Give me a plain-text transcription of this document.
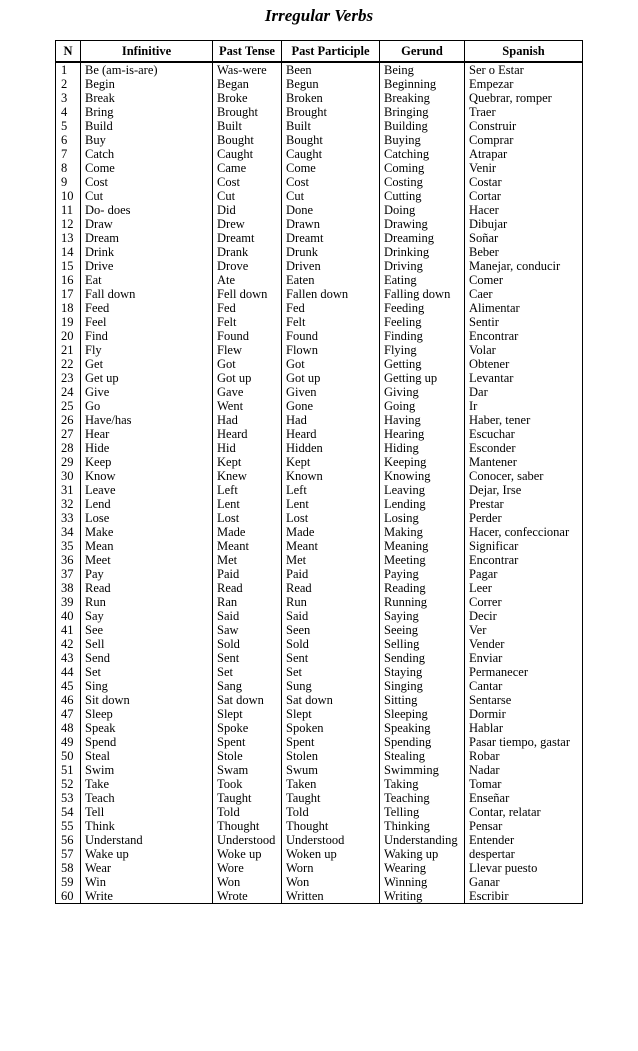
Irregular Verbs
N	Infinitive	Past Tense	Past Participle	Gerund	Spanish
1	Be (am-is-are)	Was-were	Been	Being	Ser o Estar
2	Begin	Began	Begun	Beginning	Empezar
3	Break	Broke	Broken	Breaking	Quebrar, romper
4	Bring	Brought	Brought	Bringing	Traer
5	Build	Built	Built	Building	Construir
6	Buy	Bought	Bought	Buying	Comprar
7	Catch	Caught	Caught	Catching	Atrapar
8	Come	Came	Come	Coming	Venir
9	Cost	Cost	Cost	Costing	Costar
10	Cut	Cut	Cut	Cutting	Cortar
11	Do- does	Did	Done	Doing	Hacer
12	Draw	Drew	Drawn	Drawing	Dibujar
13	Dream	Dreamt	Dreamt	Dreaming	Soñar
14	Drink	Drank	Drunk	Drinking	Beber
15	Drive	Drove	Driven	Driving	Manejar, conducir
16	Eat	Ate	Eaten	Eating	Comer
17	Fall down	Fell down	Fallen down	Falling down	Caer
18	Feed	Fed	Fed	Feeding	Alimentar
19	Feel	Felt	Felt	Feeling	Sentir
20	Find	Found	Found	Finding	Encontrar
21	Fly	Flew	Flown	Flying	Volar
22	Get	Got	Got	Getting	Obtener
23	Get up	Got up	Got up	Getting up	Levantar
24	Give	Gave	Given	Giving	Dar
25	Go	Went	Gone	Going	Ir
26	Have/has	Had	Had	Having	Haber, tener
27	Hear	Heard	Heard	Hearing	Escuchar
28	Hide	Hid	Hidden	Hiding	Esconder
29	Keep	Kept	Kept	Keeping	Mantener
30	Know	Knew	Known	Knowing	Conocer, saber
31	Leave	Left	Left	Leaving	Dejar, Irse
32	Lend	Lent	Lent	Lending	Prestar
33	Lose	Lost	Lost	Losing	Perder
34	Make	Made	Made	Making	Hacer, confeccionar
35	Mean	Meant	Meant	Meaning	Significar
36	Meet	Met	Met	Meeting	Encontrar
37	Pay	Paid	Paid	Paying	Pagar
38	Read	Read	Read	Reading	Leer
39	Run	Ran	Run	Running	Correr
40	Say	Said	Said	Saying	Decir
41	See	Saw	Seen	Seeing	Ver
42	Sell	Sold	Sold	Selling	Vender
43	Send	Sent	Sent	Sending	Enviar
44	Set	Set	Set	Staying	Permanecer
45	Sing	Sang	Sung	Singing	Cantar
46	Sit down	Sat down	Sat down	Sitting	Sentarse
47	Sleep	Slept	Slept	Sleeping	Dormir
48	Speak	Spoke	Spoken	Speaking	Hablar
49	Spend	Spent	Spent	Spending	Pasar tiempo, gastar
50	Steal	Stole	Stolen	Stealing	Robar
51	Swim	Swam	Swum	Swimming	Nadar
52	Take	Took	Taken	Taking	Tomar
53	Teach	Taught	Taught	Teaching	Enseñar
54	Tell	Told	Told	Telling	Contar, relatar
55	Think	Thought	Thought	Thinking	Pensar
56	Understand	Understood	Understood	Understanding	Entender
57	Wake up	Woke up	Woken up	Waking up	despertar
58	Wear	Wore	Worn	Wearing	Llevar puesto
59	Win	Won	Won	Winning	Ganar
60	Write	Wrote	Written	Writing	Escribir
